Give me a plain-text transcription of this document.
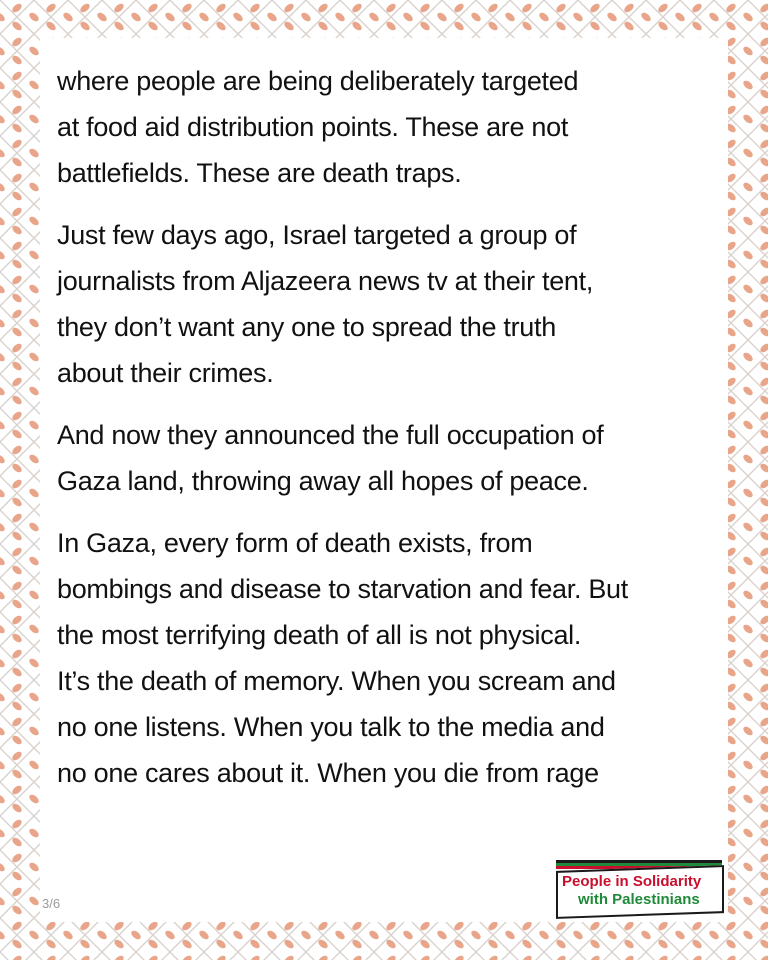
where people are being deliberately targeted
at food aid distribution points. These are not
battlefields. These are death traps.

Just few days ago, Israel targeted a group of
journalists from Aljazeera news tv at their tent,
they don’t want any one to spread the truth
about their crimes.

And now they announced the full occupation of
Gaza land, throwing away all hopes of peace.

In Gaza, every form of death exists, from
bombings and disease to starvation and fear. But
the most terrifying death of all is not physical.
It’s the death of memory. When you scream and
no one listens. When you talk to the media and
no one cares about it. When you die from rage

3/6
People in Solidarity
with Palestinians
